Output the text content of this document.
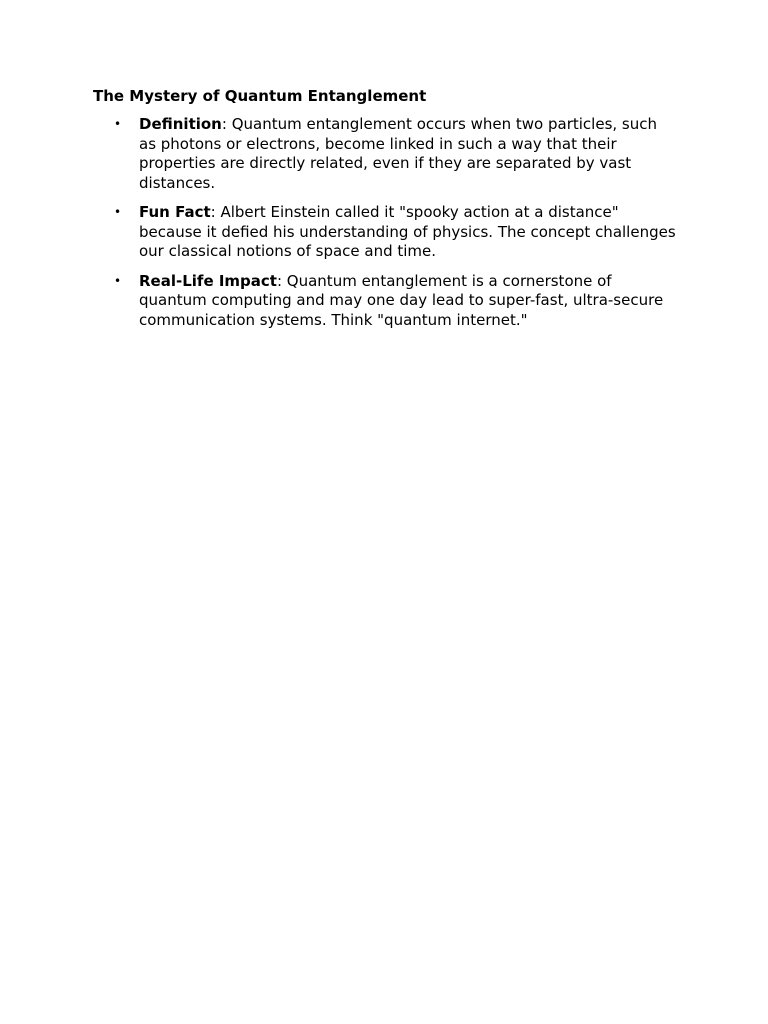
The Mystery of Quantum Entanglement
• Definition: Quantum entanglement occurs when two particles, such as photons or electrons, become linked in such a way that their properties are directly related, even if they are separated by vast distances.
• Fun Fact: Albert Einstein called it "spooky action at a distance" because it defied his understanding of physics. The concept challenges our classical notions of space and time.
• Real-Life Impact: Quantum entanglement is a cornerstone of quantum computing and may one day lead to super-fast, ultra-secure communication systems. Think "quantum internet."
